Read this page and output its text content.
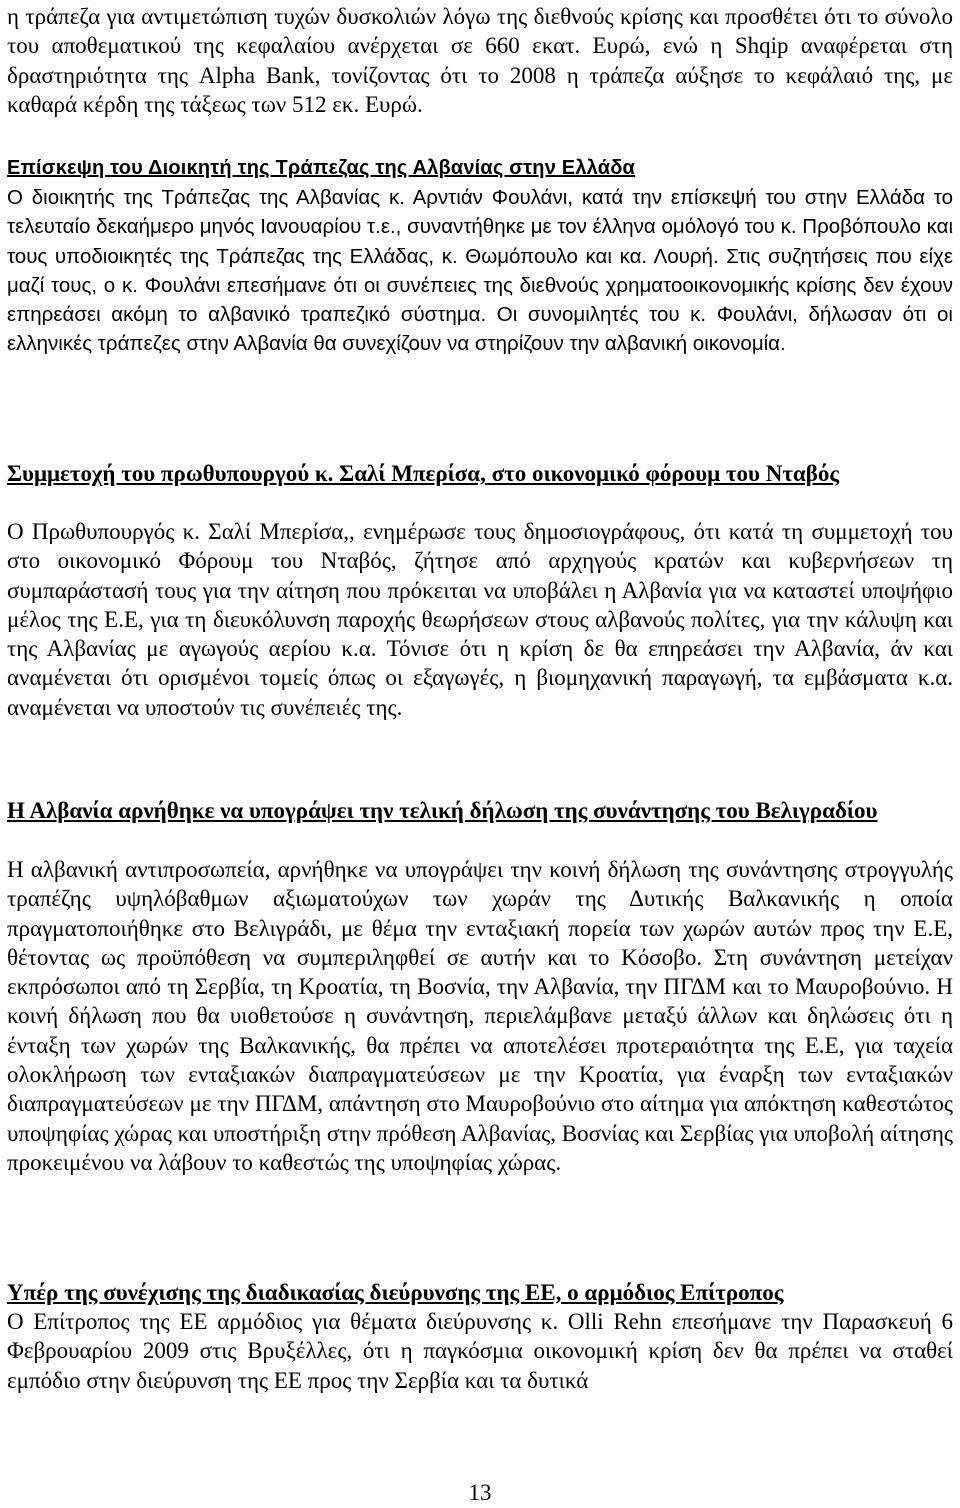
η τράπεζα για αντιμετώπιση τυχών δυσκολιών λόγω της διεθνούς κρίσης και προσθέτει ότι το σύνολο του αποθεματικού της κεφαλαίου ανέρχεται σε 660 εκατ. Ευρώ, ενώ η Shqip αναφέρεται στη δραστηριότητα της Alpha Bank, τονίζοντας ότι το 2008 η τράπεζα αύξησε το κεφάλαιό της, με καθαρά κέρδη της τάξεως των 512 εκ. Ευρώ.

Επίσκεψη του Διοικητή της Τράπεζας της Αλβανίας στην Ελλάδα

Ο διοικητής της Τράπεζας της Αλβανίας κ. Αρντιάν Φουλάνι, κατά την επίσκεψή του στην Ελλάδα το τελευταίο δεκαήμερο μηνός Ιανουαρίου τ.ε., συναντήθηκε με τον έλληνα ομόλογό του κ. Προβόπουλο και τους υποδιοικητές της Τράπεζας της Ελλάδας, κ. Θωμόπουλο και κα. Λουρή. Στις συζητήσεις που είχε μαζί τους, ο κ. Φουλάνι επεσήμανε ότι οι συνέπειες της διεθνούς χρηματοοικονομικής κρίσης δεν έχουν επηρεάσει ακόμη το αλβανικό τραπεζικό σύστημα. Οι συνομιλητές του κ. Φουλάνι, δήλωσαν ότι οι ελληνικές τράπεζες στην Αλβανία θα συνεχίζουν να στηρίζουν την αλβανική οικονομία.

Συμμετοχή του πρωθυπουργού κ. Σαλί Μπερίσα, στο οικονομικό φόρουμ του Νταβός

Ο Πρωθυπουργός κ. Σαλί Μπερίσα,, ενημέρωσε τους δημοσιογράφους, ότι κατά τη συμμετοχή του στο οικονομικό Φόρουμ του Νταβός, ζήτησε από αρχηγούς κρατών και κυβερνήσεων τη συμπαράστασή τους για την αίτηση που πρόκειται να υποβάλει η Αλβανία για να καταστεί υποψήφιο μέλος της Ε.Ε, για τη διευκόλυνση παροχής θεωρήσεων στους αλβανούς πολίτες, για την κάλυψη και της Αλβανίας με αγωγούς αερίου κ.α. Τόνισε ότι η κρίση δε θα επηρεάσει την Αλβανία, άν και αναμένεται ότι ορισμένοι τομείς όπως οι εξαγωγές, η βιομηχανική παραγωγή, τα εμβάσματα κ.α. αναμένεται να υποστούν τις συνέπειές της.

Η Αλβανία αρνήθηκε να υπογράψει την τελική δήλωση της συνάντησης του Βελιγραδίου

Η αλβανική αντιπροσωπεία, αρνήθηκε να υπογράψει την κοινή δήλωση της συνάντησης στρογγυλής τραπέζης υψηλόβαθμων αξιωματούχων των χωράν της Δυτικής Βαλκανικής η οποία πραγματοποιήθηκε στο Βελιγράδι, με θέμα την ενταξιακή πορεία των χωρών αυτών προς την Ε.Ε, θέτοντας ως προϋπόθεση να συμπεριληφθεί σε αυτήν και το Κόσοβο. Στη συνάντηση μετείχαν εκπρόσωποι από τη Σερβία, τη Κροατία, τη Βοσνία, την Αλβανία, την ΠΓΔΜ και το Μαυροβούνιο. Η κοινή δήλωση που θα υιοθετούσε η συνάντηση, περιελάμβανε μεταξύ άλλων και δηλώσεις ότι η ένταξη των χωρών της Βαλκανικής, θα πρέπει να αποτελέσει προτεραιότητα της Ε.Ε, για ταχεία ολοκλήρωση των ενταξιακών διαπραγματεύσεων με την Κροατία, για έναρξη των ενταξιακών διαπραγματεύσεων με την ΠΓΔΜ, απάντηση στο Μαυροβούνιο στο αίτημα για απόκτηση καθεστώτος υποψηφίας χώρας και υποστήριξη στην πρόθεση Αλβανίας, Βοσνίας και Σερβίας για υποβολή αίτησης προκειμένου να λάβουν το καθεστώς της υποψηφίας χώρας.

Υπέρ της συνέχισης της διαδικασίας διεύρυνσης της ΕΕ, ο αρμόδιος Επίτροπος

Ο Επίτροπος της ΕΕ αρμόδιος για θέματα διεύρυνσης κ. Olli Rehn επεσήμανε την Παρασκευή 6 Φεβρουαρίου 2009 στις Βρυξέλλες, ότι η παγκόσμια οικονομική κρίση δεν θα πρέπει να σταθεί εμπόδιο στην διεύρυνση της ΕΕ προς την Σερβία και τα δυτικά

13
